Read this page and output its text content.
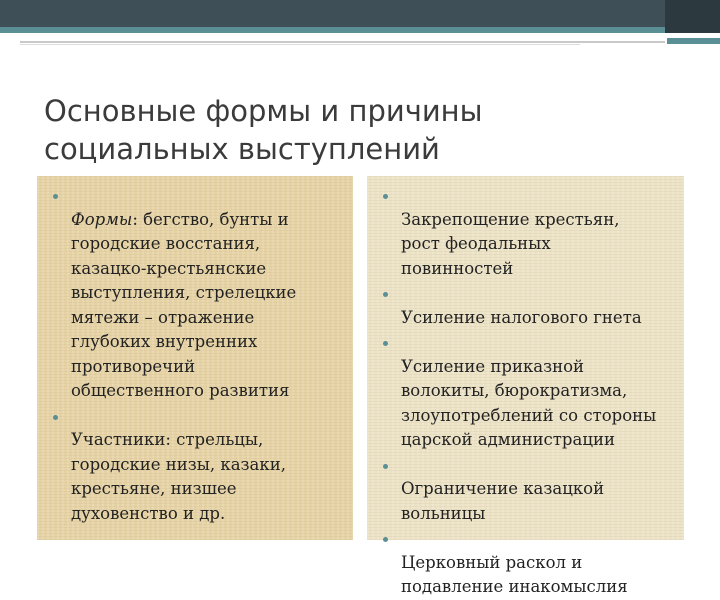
Основные формы и причины
социальных выступлений

Формы: бегство, бунты и
городские восстания,
казацко-крестьянские
выступления, стрелецкие
мятежи – отражение
глубоких внутренних
противоречий
общественного развития

Участники: стрельцы,
городские низы, казаки,
крестьяне, низшее
духовенство и др.

Закрепощение крестьян,
рост феодальных
повинностей

Усиление налогового гнета

Усиление приказной
волокиты, бюрократизма,
злоупотреблений со стороны
царской администрации

Ограничение казацкой
вольницы

Церковный раскол и
подавление инакомыслия
